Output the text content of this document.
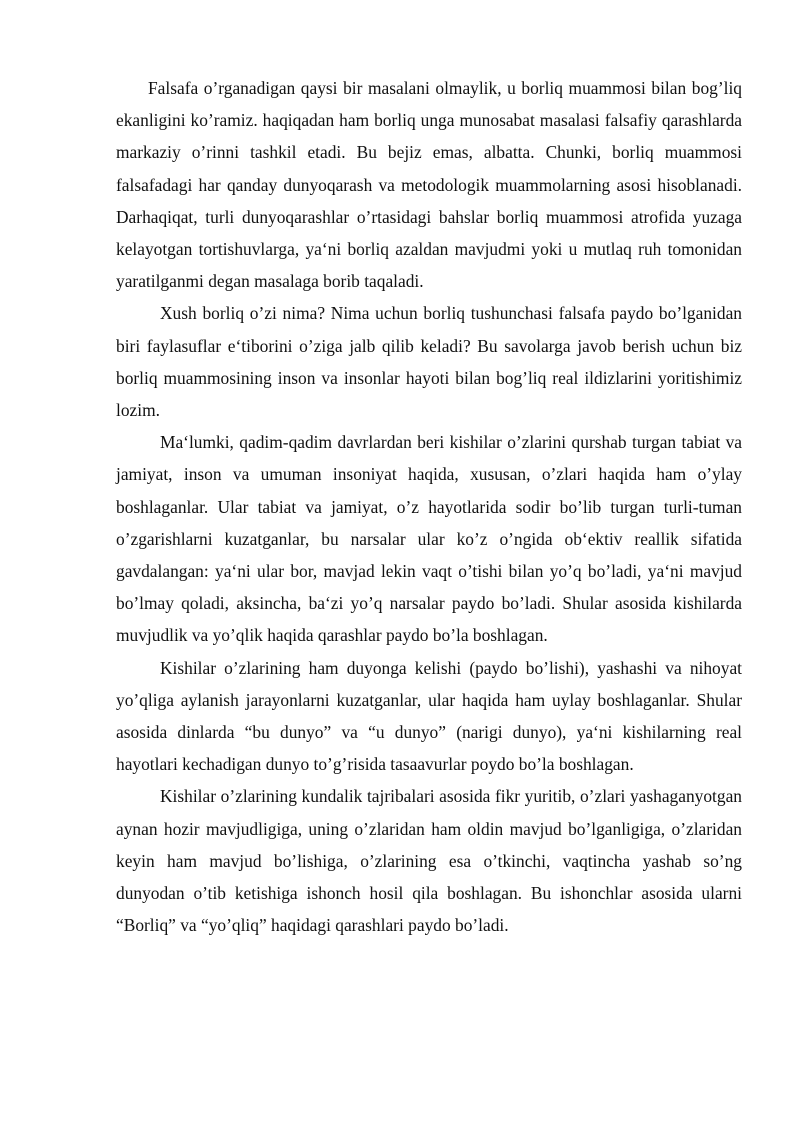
Falsafa o’rganadigan qaysi bir masalani olmaylik, u borliq muammosi bilan bog’liq ekanligini ko’ramiz. haqiqadan ham borliq unga munosabat masalasi falsafiy qarashlarda markaziy o’rinni tashkil etadi. Bu bejiz emas, albatta. Chunki, borliq muammosi falsafadagi har qanday dunyoqarash va metodologik muammolarning asosi hisoblanadi. Darhaqiqat, turli dunyoqarashlar o’rtasidagi bahslar borliq muammosi atrofida yuzaga kelayotgan tortishuvlarga, ya‘ni borliq azaldan mavjudmi yoki u mutlaq ruh tomonidan yaratilganmi degan masalaga borib taqaladi.

Xush borliq o’zi nima? Nima uchun borliq tushunchasi falsafa paydo bo’lganidan biri faylasuflar e‘tiborini o’ziga jalb qilib keladi? Bu savolarga javob berish uchun biz borliq muammosining inson va insonlar hayoti bilan bog’liq real ildizlarini yoritishimiz lozim.

Ma‘lumki, qadim-qadim davrlardan beri kishilar o’zlarini qurshab turgan tabiat va jamiyat, inson va umuman insoniyat haqida, xususan, o’zlari haqida ham o’ylay boshlaganlar. Ular tabiat va jamiyat, o’z hayotlarida sodir bo’lib turgan turli-tuman o’zgarishlarni kuzatganlar, bu narsalar ular ko’z o’ngida ob‘ektiv reallik sifatida gavdalangan: ya‘ni ular bor, mavjad lekin vaqt o’tishi bilan yo’q bo’ladi, ya‘ni mavjud bo’lmay qoladi, aksincha, ba‘zi yo’q narsalar paydo bo’ladi. Shular asosida kishilarda muvjudlik va yo’qlik haqida qarashlar paydo bo’la boshlagan.

Kishilar o’zlarining ham duyonga kelishi (paydo bo’lishi), yashashi va nihoyat yo’qliga aylanish jarayonlarni kuzatganlar, ular haqida ham uylay boshlaganlar. Shular asosida dinlarda “bu dunyo” va “u dunyo” (narigi dunyo), ya‘ni kishilarning real hayotlari kechadigan dunyo to’g’risida tasaavurlar poydo bo’la boshlagan.

Kishilar o’zlarining kundalik tajribalari asosida fikr yuritib, o’zlari yashaganyotgan aynan hozir mavjudligiga, uning o’zlaridan ham oldin mavjud bo’lganligiga, o’zlaridan keyin ham mavjud bo’lishiga, o’zlarining esa o’tkinchi, vaqtincha yashab so’ng dunyodan o’tib ketishiga ishonch hosil qila boshlagan. Bu ishonchlar asosida ularni “Borliq” va “yo’qliq” haqidagi qarashlari paydo bo’ladi.
